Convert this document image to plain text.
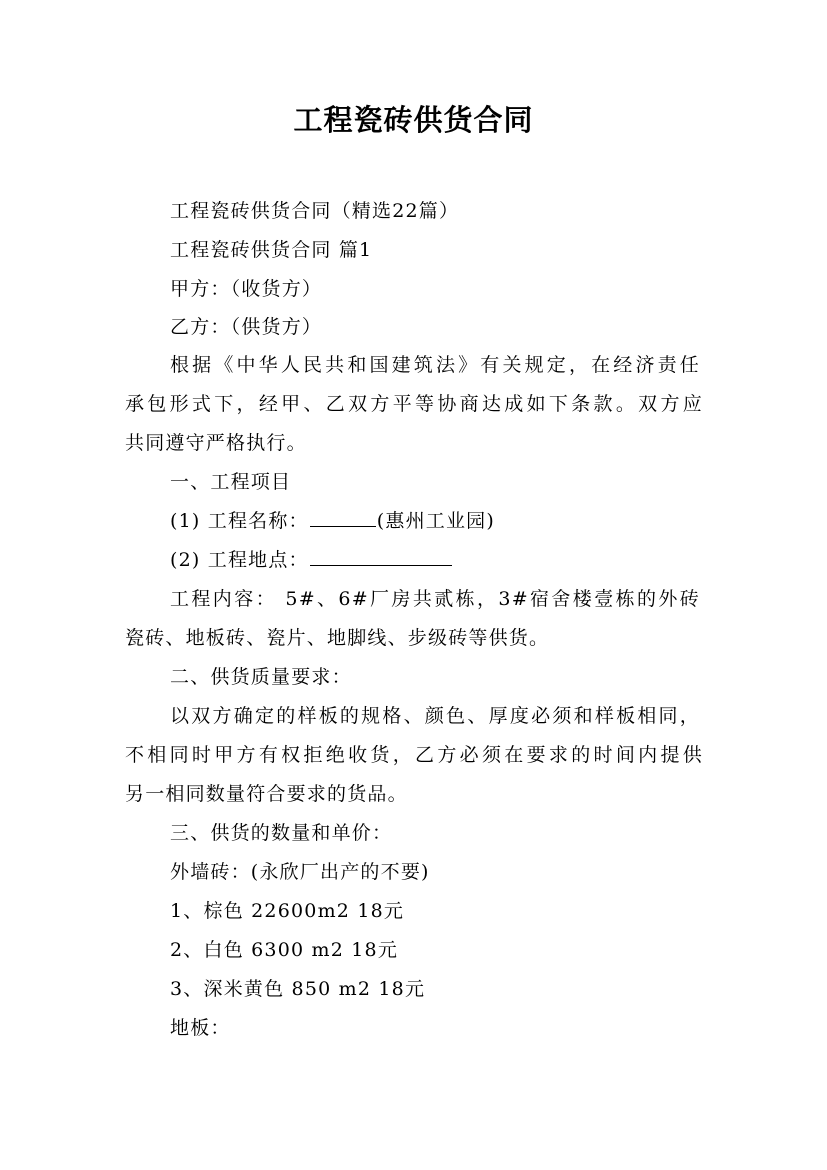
工程瓷砖供货合同
工程瓷砖供货合同（精选22篇）
工程瓷砖供货合同 篇1
甲方：（收货方）
乙方：（供货方）
根据《中华人民共和国建筑法》有关规定，在经济责任
承包形式下，经甲、乙双方平等协商达成如下条款。双方应
共同遵守严格执行。
一、工程项目
(1) 工程名称：	(惠州工业园)
(2) 工程地点：
工程内容： 5#、6#厂房共贰栋，3#宿舍楼壹栋的外砖
瓷砖、地板砖、瓷片、地脚线、步级砖等供货。
二、供货质量要求：
以双方确定的样板的规格、颜色、厚度必须和样板相同，
不相同时甲方有权拒绝收货，乙方必须在要求的时间内提供
另一相同数量符合要求的货品。
三、供货的数量和单价：
外墙砖：(永欣厂出产的不要)
1、棕色 22600m2 18元
2、白色 6300 m2 18元
3、深米黄色 850 m2 18元
地板：
